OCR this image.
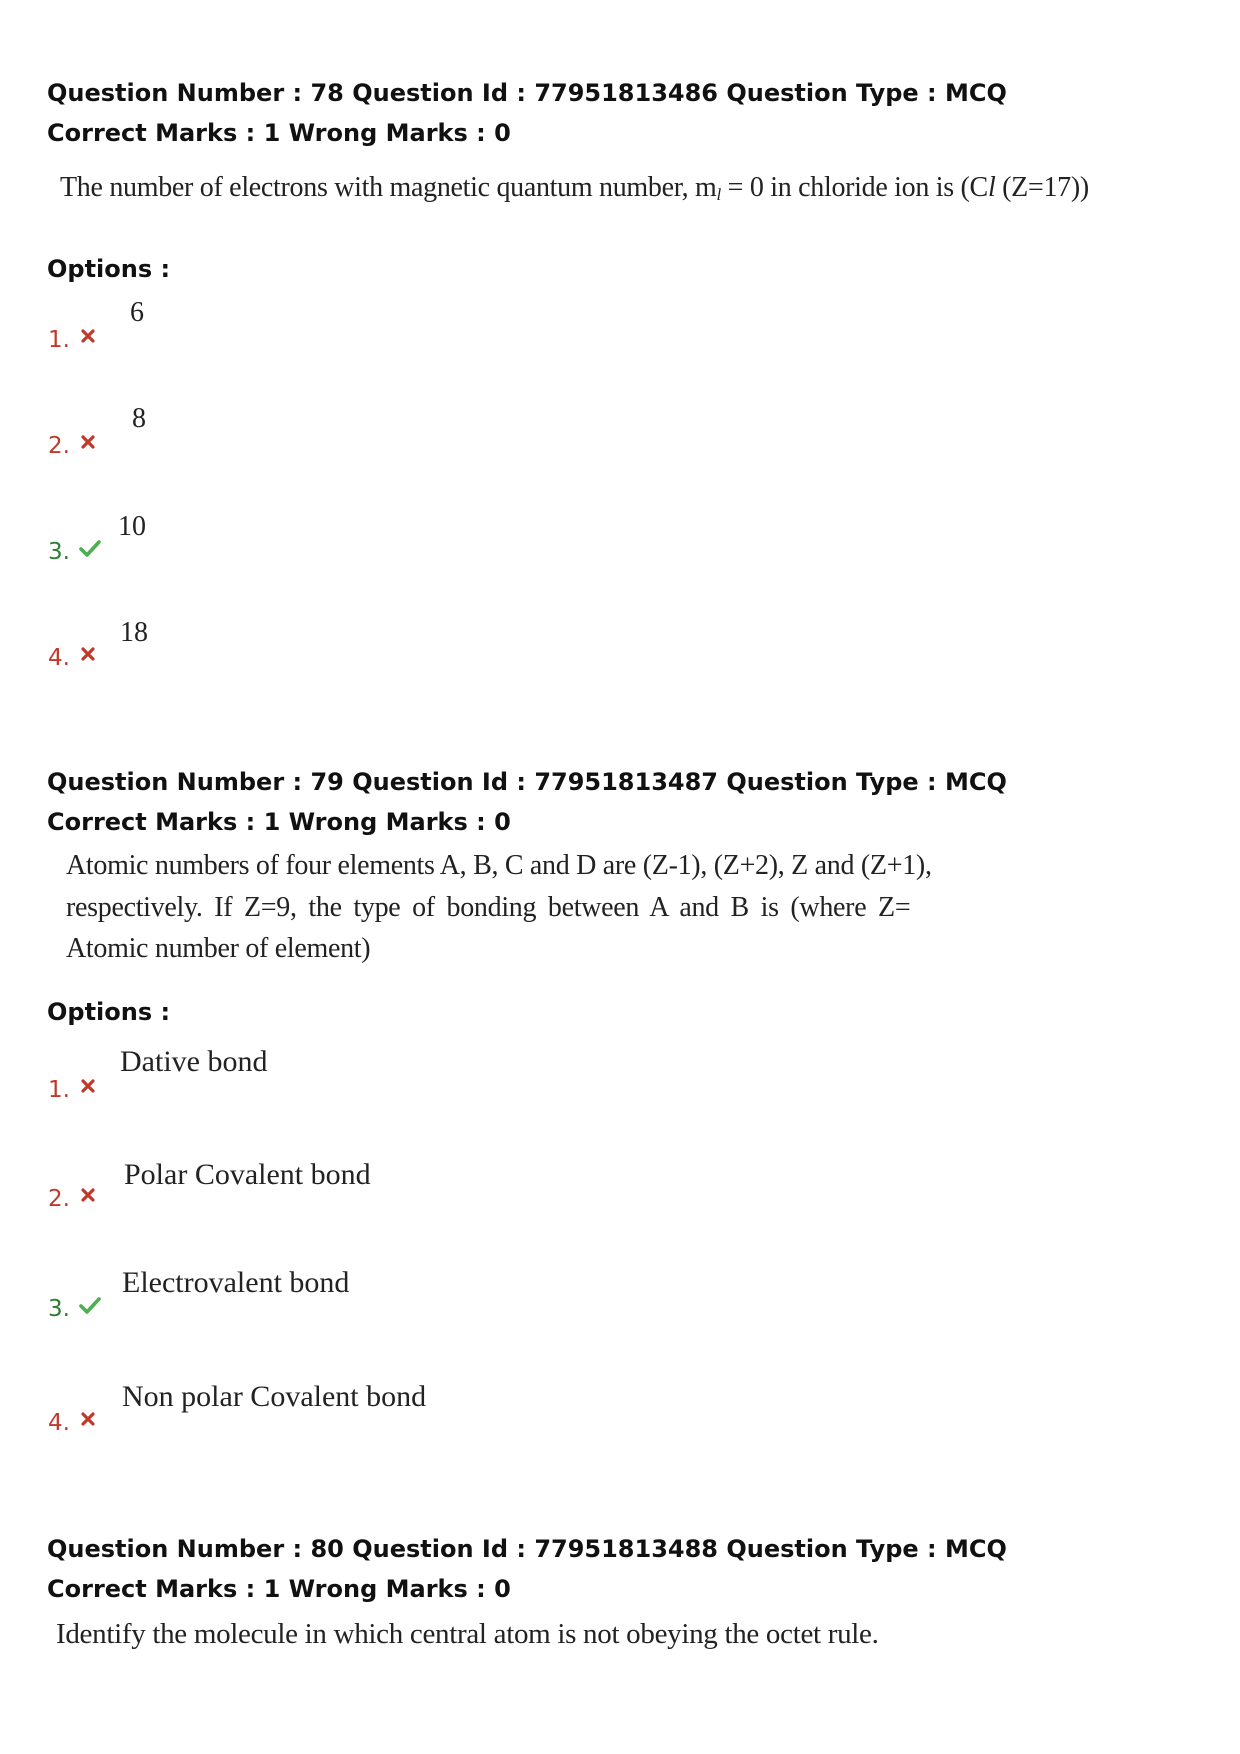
Question Number : 78 Question Id : 77951813486 Question Type : MCQ
Correct Marks : 1 Wrong Marks : 0
The number of electrons with magnetic quantum number, $m_l = 0$ in chloride ion is (Cl (Z=17))
Options :
1.
6
2.
8
3.
10
4.
18
Question Number : 79 Question Id : 77951813487 Question Type : MCQ
Correct Marks : 1 Wrong Marks : 0
Atomic numbers of four elements A, B, C and D are (Z-1), (Z+2), Z and (Z+1),
respectively. If Z=9, the type of bonding between A and B is (where Z=
Atomic number of element)
Options :
1.
Dative bond
2.
Polar Covalent bond
3.
Electrovalent bond
4.
Non polar Covalent bond
Question Number : 80 Question Id : 77951813488 Question Type : MCQ
Correct Marks : 1 Wrong Marks : 0
Identify the molecule in which central atom is not obeying the octet rule.
